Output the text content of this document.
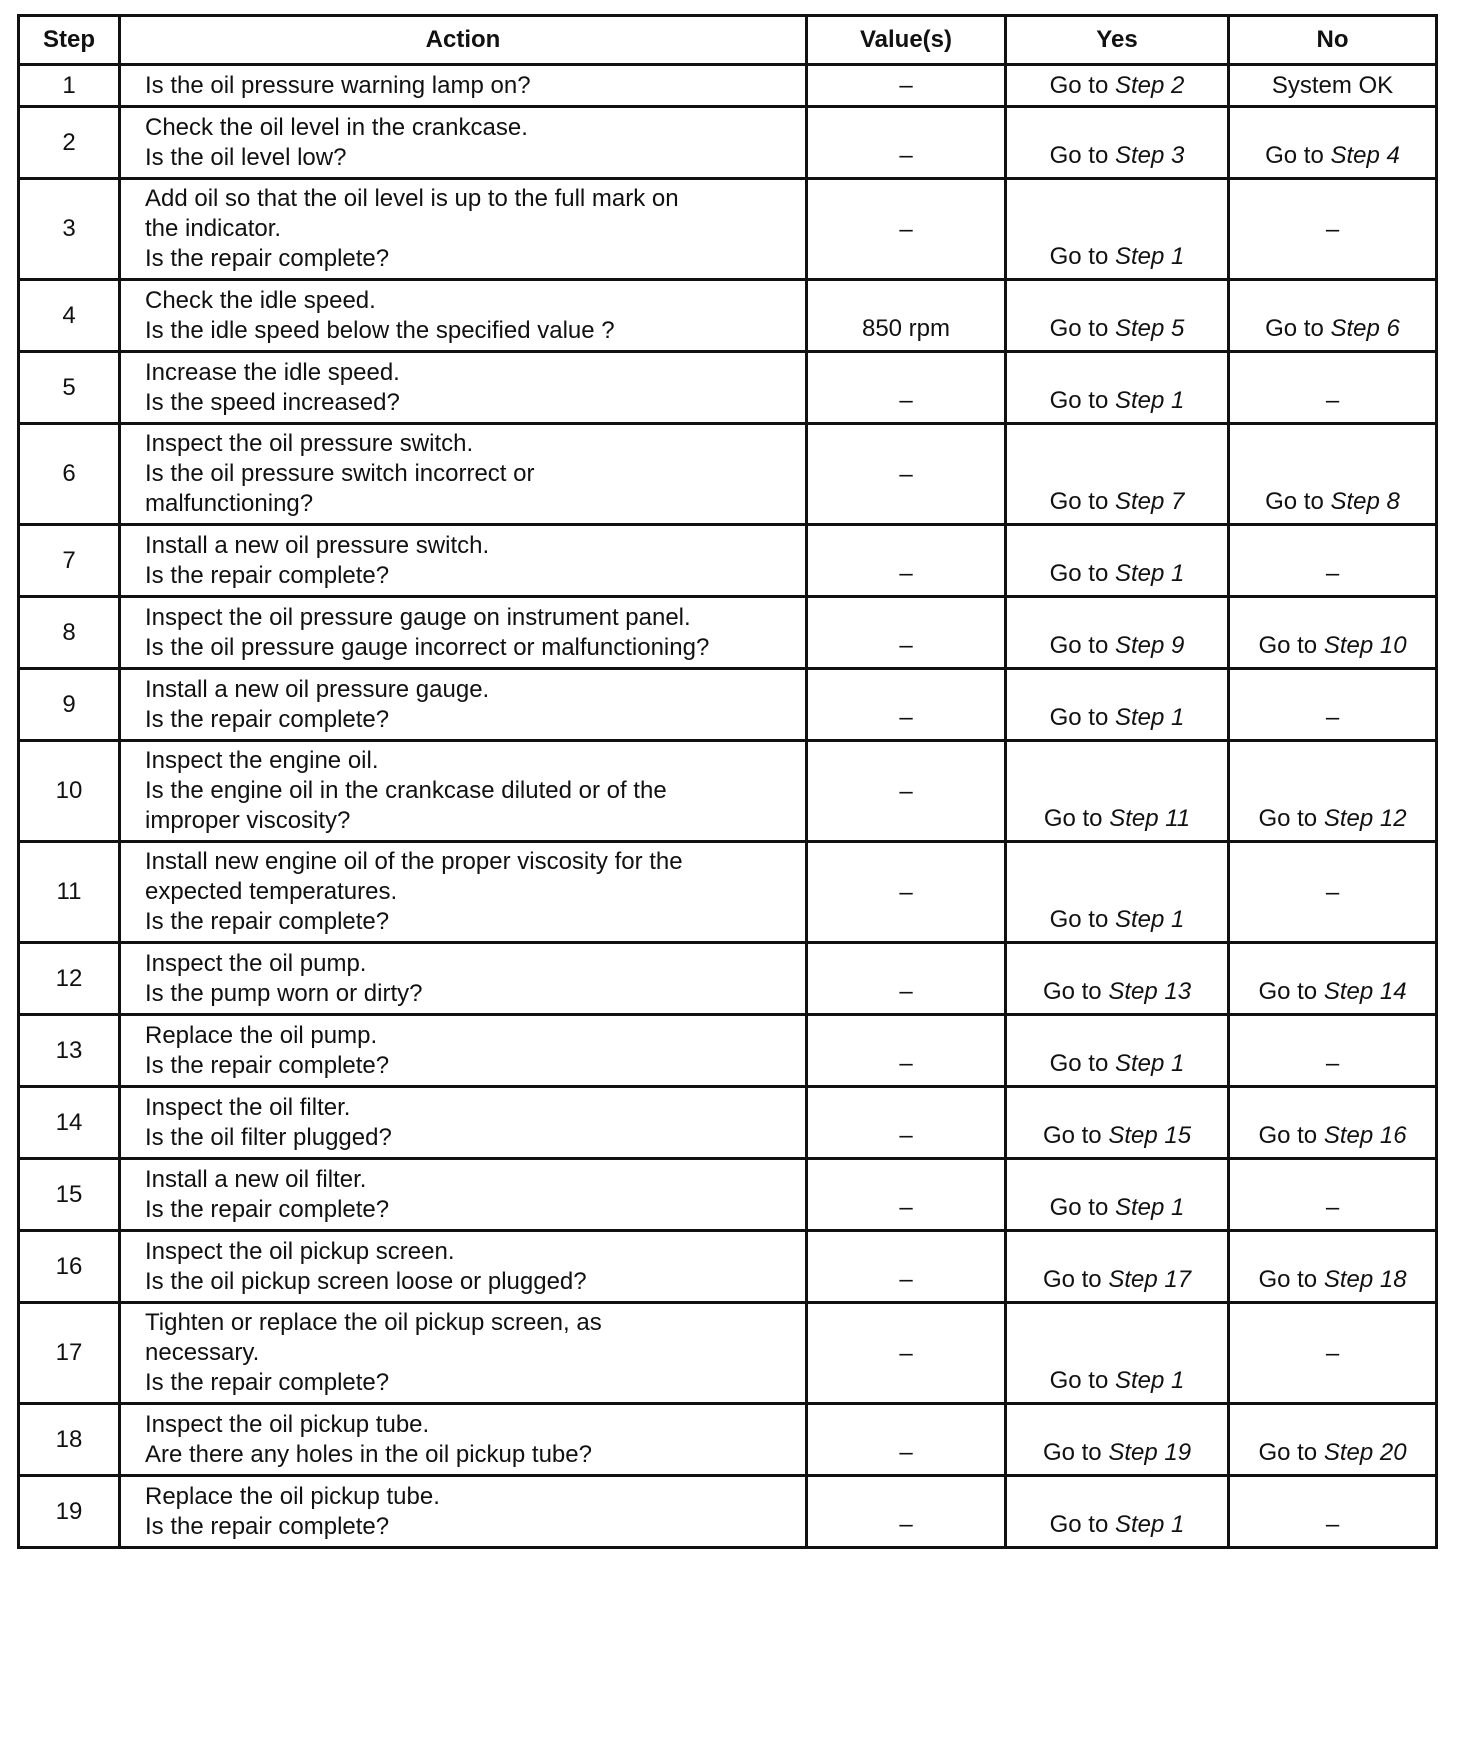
Step	Action	Value(s)	Yes	No
1	Is the oil pressure warning lamp on?	–	Go to Step 2	System OK
2	Check the oil level in the crankcase.
Is the oil level low?	–	Go to Step 3	Go to Step 4
3	Add oil so that the oil level is up to the full mark on
the indicator.
Is the repair complete?	–	Go to Step 1	–
4	Check the idle speed.
Is the idle speed below the specified value ?	850 rpm	Go to Step 5	Go to Step 6
5	Increase the idle speed.
Is the speed increased?	–	Go to Step 1	–
6	Inspect the oil pressure switch.
Is the oil pressure switch incorrect or
malfunctioning?	–	Go to Step 7	Go to Step 8
7	Install a new oil pressure switch.
Is the repair complete?	–	Go to Step 1	–
8	Inspect the oil pressure gauge on instrument panel.
Is the oil pressure gauge incorrect or malfunctioning?	–	Go to Step 9	Go to Step 10
9	Install a new oil pressure gauge.
Is the repair complete?	–	Go to Step 1	–
10	Inspect the engine oil.
Is the engine oil in the crankcase diluted or of the
improper viscosity?	–	Go to Step 11	Go to Step 12
11	Install new engine oil of the proper viscosity for the
expected temperatures.
Is the repair complete?	–	Go to Step 1	–
12	Inspect the oil pump.
Is the pump worn or dirty?	–	Go to Step 13	Go to Step 14
13	Replace the oil pump.
Is the repair complete?	–	Go to Step 1	–
14	Inspect the oil filter.
Is the oil filter plugged?	–	Go to Step 15	Go to Step 16
15	Install a new oil filter.
Is the repair complete?	–	Go to Step 1	–
16	Inspect the oil pickup screen.
Is the oil pickup screen loose or plugged?	–	Go to Step 17	Go to Step 18
17	Tighten or replace the oil pickup screen, as
necessary.
Is the repair complete?	–	Go to Step 1	–
18	Inspect the oil pickup tube.
Are there any holes in the oil pickup tube?	–	Go to Step 19	Go to Step 20
19	Replace the oil pickup tube.
Is the repair complete?	–	Go to Step 1	–
